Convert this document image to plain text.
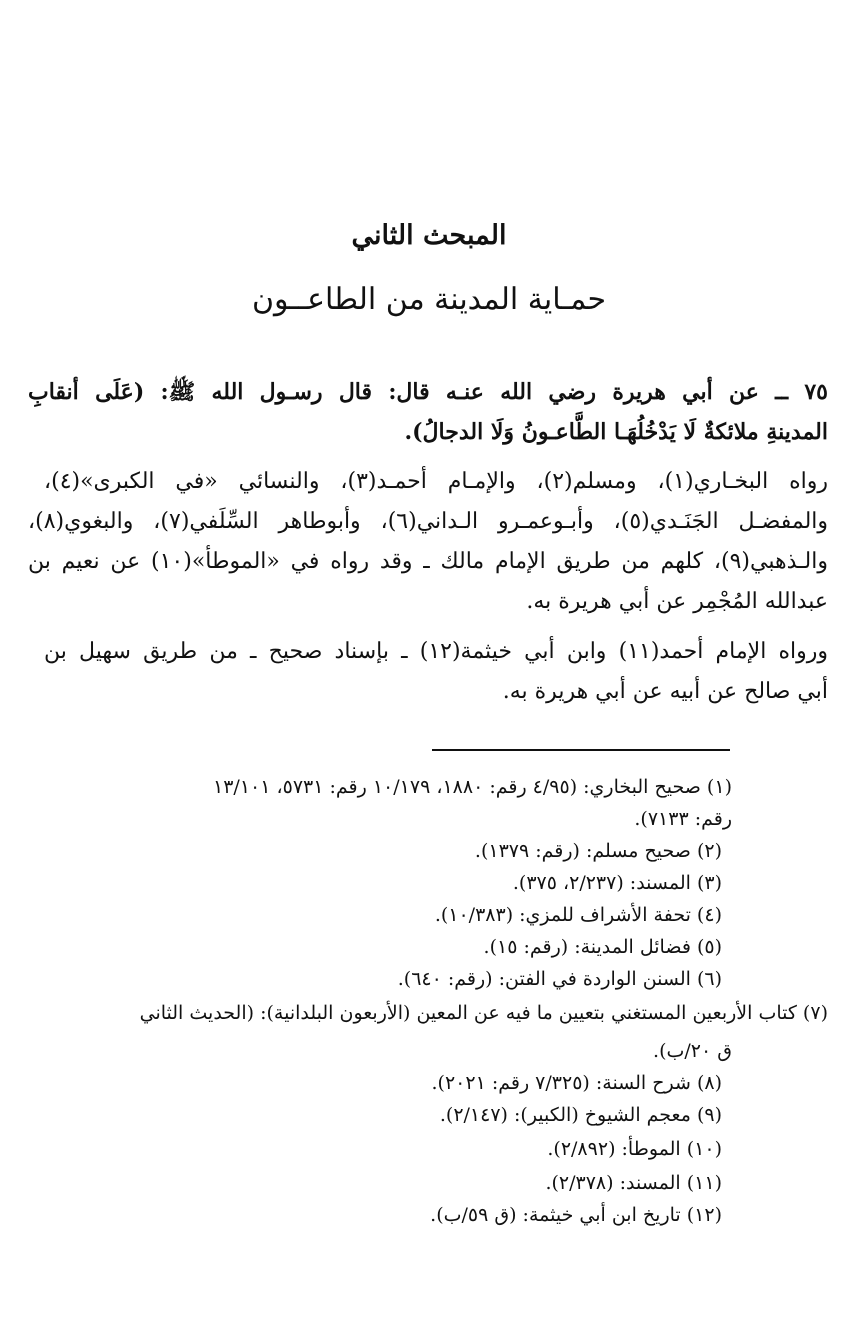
المبحث الثاني
حمـاية المدينة من الطاعــون
٧٥ ــ عن أبي هريرة رضي الله عنـه قال: قال رسـول الله ﷺ: (عَلَى أنقابِ
المدينةِ ملائكةٌ لَا يَدْخُلُهَـا الطَّاعـونُ وَلَا الدجالُ).
رواه البخـاري(١)، ومسلم(٢)، والإمـام أحمـد(٣)، والنسائي «في الكبرى»(٤)،
والمفضـل الجَنَـدي(٥)، وأبـوعمـرو الـداني(٦)، وأبوطاهر السِّلَفي(٧)، والبغوي(٨)،
والـذهبي(٩)، كلهم من طريق الإمام مالك ـ وقد رواه في «الموطأ»(١٠) عن نعيم بن
عبدالله المُجْمِر عن أبي هريرة به.
ورواه الإمام أحمد(١١) وابن أبي خيثمة(١٢) ـ بإسناد صحيح ـ من طريق سهيل بن
أبي صالح عن أبيه عن أبي هريرة به.
(١) صحيح البخاري: (٤/٩٥ رقم: ١٨٨٠، ١٠/١٧٩ رقم: ٥٧٣١، ١٣/١٠١
رقم: ٧١٣٣).
(٢) صحيح مسلم: (رقم: ١٣٧٩).
(٣) المسند: (٢/٢٣٧، ٣٧٥).
(٤) تحفة الأشراف للمزي: (١٠/٣٨٣).
(٥) فضائل المدينة: (رقم: ١٥).
(٦) السنن الواردة في الفتن: (رقم: ٦٤٠).
(٧) كتاب الأربعين المستغني بتعيين ما فيه عن المعين (الأربعون البلدانية): (الحديث الثاني
ق ٢٠/ب).
(٨) شرح السنة: (٧/٣٢٥ رقم: ٢٠٢١).
(٩) معجم الشيوخ (الكبير): (٢/١٤٧).
(١٠) الموطأ: (٢/٨٩٢).
(١١) المسند: (٢/٣٧٨).
(١٢) تاريخ ابن أبي خيثمة: (ق ٥٩/ب).
